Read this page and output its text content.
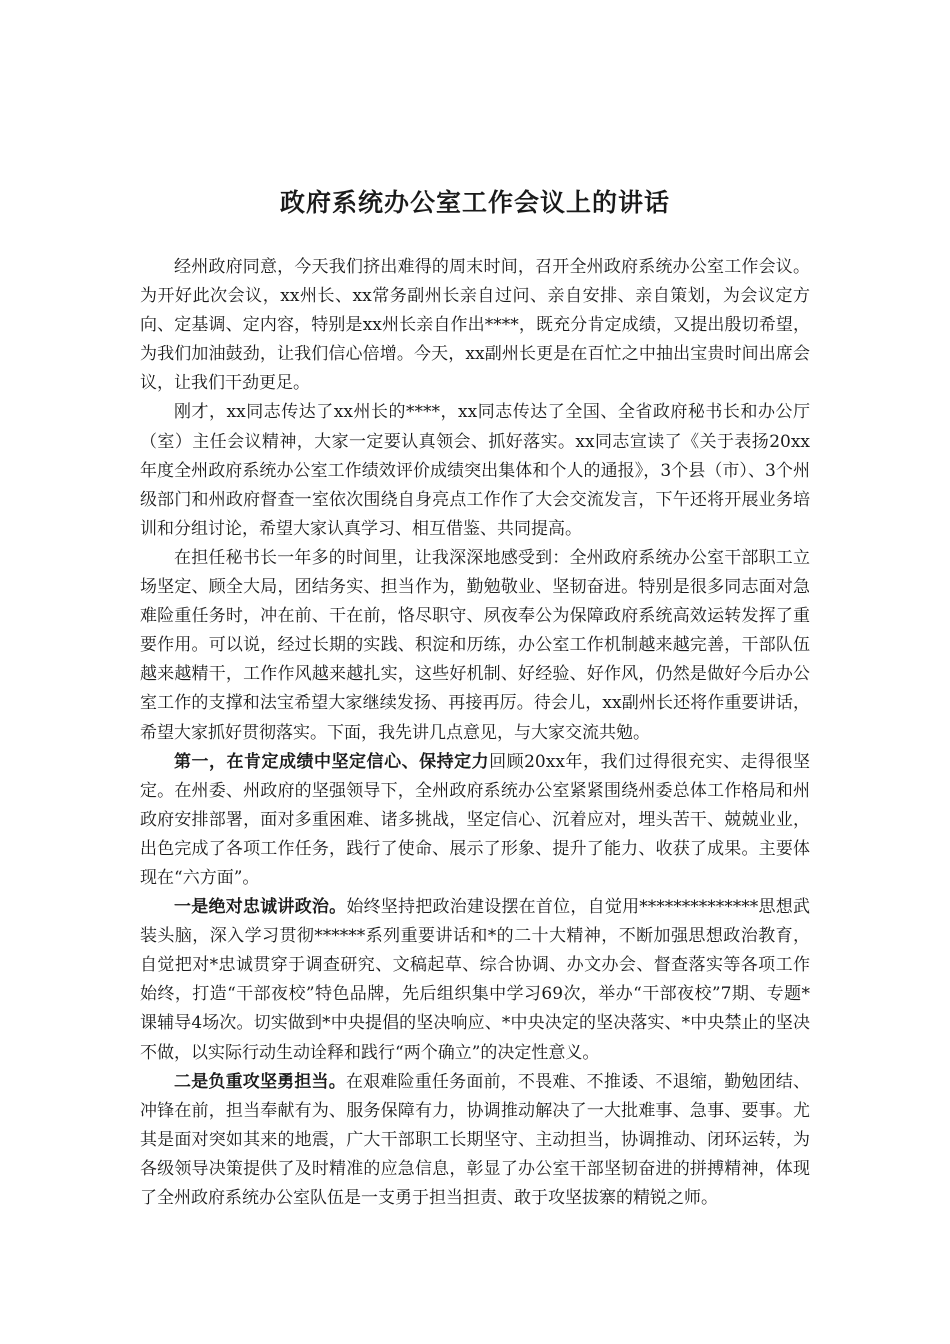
政府系统办公室工作会议上的讲话

经州政府同意，今天我们挤出难得的周末时间，召开全州政府系统办公室工作会议。为开好此次会议，xx州长、xx常务副州长亲自过问、亲自安排、亲自策划，为会议定方向、定基调、定内容，特别是xx州长亲自作出****，既充分肯定成绩，又提出殷切希望，为我们加油鼓劲，让我们信心倍增。今天，xx副州长更是在百忙之中抽出宝贵时间出席会议，让我们干劲更足。

刚才，xx同志传达了xx州长的****，xx同志传达了全国、全省政府秘书长和办公厅（室）主任会议精神，大家一定要认真领会、抓好落实。xx同志宣读了《关于表扬20xx年度全州政府系统办公室工作绩效评价成绩突出集体和个人的通报》，3个县（市）、3个州级部门和州政府督查一室依次围绕自身亮点工作作了大会交流发言，下午还将开展业务培训和分组讨论，希望大家认真学习、相互借鉴、共同提高。

在担任秘书长一年多的时间里，让我深深地感受到：全州政府系统办公室干部职工立场坚定、顾全大局，团结务实、担当作为，勤勉敬业、坚韧奋进。特别是很多同志面对急难险重任务时，冲在前、干在前，恪尽职守、夙夜奉公为保障政府系统高效运转发挥了重要作用。可以说，经过长期的实践、积淀和历练，办公室工作机制越来越完善，干部队伍越来越精干，工作作风越来越扎实，这些好机制、好经验、好作风，仍然是做好今后办公室工作的支撑和法宝希望大家继续发扬、再接再厉。待会儿，xx副州长还将作重要讲话，希望大家抓好贯彻落实。下面，我先讲几点意见，与大家交流共勉。

第一，在肯定成绩中坚定信心、保持定力回顾20xx年，我们过得很充实、走得很坚定。在州委、州政府的坚强领导下，全州政府系统办公室紧紧围绕州委总体工作格局和州政府安排部署，面对多重困难、诸多挑战，坚定信心、沉着应对，埋头苦干、兢兢业业，出色完成了各项工作任务，践行了使命、展示了形象、提升了能力、收获了成果。主要体现在“六方面”。

一是绝对忠诚讲政治。始终坚持把政治建设摆在首位，自觉用**************思想武装头脑，深入学习贯彻******系列重要讲话和*的二十大精神，不断加强思想政治教育，自觉把对*忠诚贯穿于调查研究、文稿起草、综合协调、办文办会、督查落实等各项工作始终，打造“干部夜校”特色品牌，先后组织集中学习69次，举办“干部夜校”7期、专题*课辅导4场次。切实做到*中央提倡的坚决响应、*中央决定的坚决落实、*中央禁止的坚决不做，以实际行动生动诠释和践行“两个确立”的决定性意义。

二是负重攻坚勇担当。在艰难险重任务面前，不畏难、不推诿、不退缩，勤勉团结、冲锋在前，担当奉献有为、服务保障有力，协调推动解决了一大批难事、急事、要事。尤其是面对突如其来的地震，广大干部职工长期坚守、主动担当，协调推动、闭环运转，为各级领导决策提供了及时精准的应急信息，彰显了办公室干部坚韧奋进的拼搏精神，体现了全州政府系统办公室队伍是一支勇于担当担责、敢于攻坚拔寨的精锐之师。
